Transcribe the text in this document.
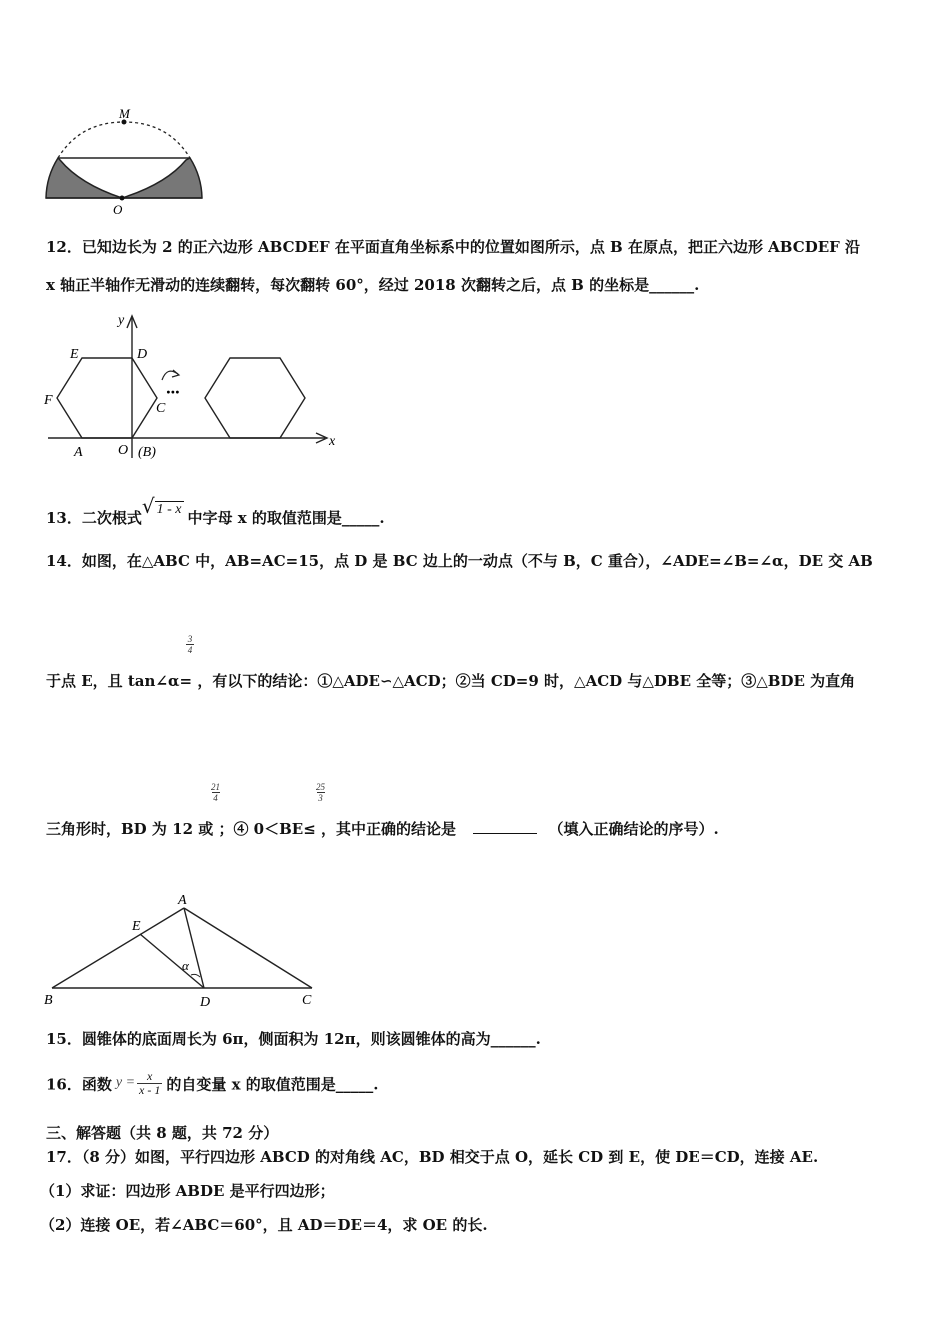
M
O
12．已知边长为 2 的正六边形 ABCDEF 在平面直角坐标系中的位置如图所示，点 B 在原点，把正六边形 ABCDEF 沿
x 轴正半轴作无滑动的连续翻转，每次翻转 60°，经过 2018 次翻转之后，点 B 的坐标是______.
···
y
x
E	D
F
C
A	O (B)
13．二次根式√ 1 - x 中字母 x 的取值范围是_____.
14．如图，在△ABC 中，AB=AC=15，点 D 是 BC 边上的一动点（不与 B，C 重合），∠ADE=∠B=∠α，DE 交 AB
3
4
于点 E，且 tan∠α= ，有以下的结论：①△ADE∽△ACD；②当 CD=9 时，△ACD 与△DBE 全等；③△BDE 为直角
21
4
25
3
三角形时，BD 为 12 或 ；④ 0＜BE≤ ，其中正确的结论是	（填入正确结论的序号）.
A
E
α
B	D	C
15．圆锥体的底面周长为 6π，侧面积为 12π，则该圆锥体的高为______.
16．函数 $y = \frac{x}{x - 1}$ 的自变量 x 的取值范围是_____.
三、解答题（共 8 题，共 72 分）
17．（8 分）如图，平行四边形 ABCD 的对角线 AC，BD 相交于点 O，延长 CD 到 E，使 DE＝CD，连接 AE.
（1）求证：四边形 ABDE 是平行四边形；
（2）连接 OE，若∠ABC＝60°，且 AD＝DE＝4，求 OE 的长.
